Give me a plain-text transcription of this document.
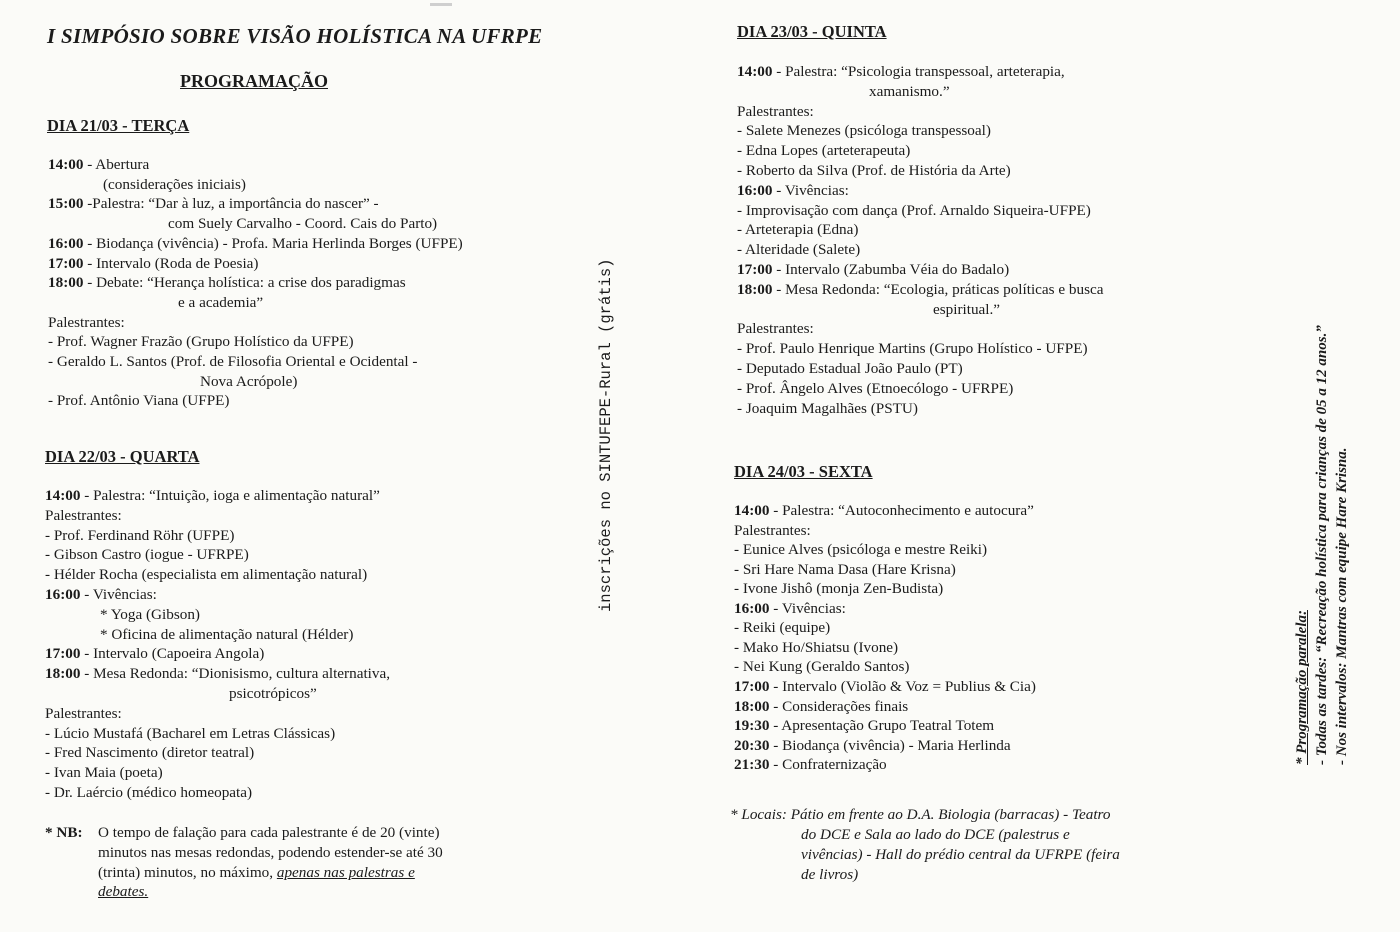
I SIMPÓSIO SOBRE VISÃO HOLÍSTICA NA UFRPE
PROGRAMAÇÃO
DIA 21/03 - TERÇA
14:00 - Abertura
(considerações iniciais)
15:00 -Palestra: “Dar à luz, a importância do nascer” -
com Suely Carvalho - Coord. Cais do Parto)
16:00 - Biodança (vivência) - Profa. Maria Herlinda Borges (UFPE)
17:00 - Intervalo (Roda de Poesia)
18:00 - Debate: “Herança holística: a crise dos paradigmas
e a academia”
Palestrantes:
- Prof. Wagner Frazão (Grupo Holístico da UFPE)
- Geraldo L. Santos (Prof. de Filosofia Oriental e Ocidental -
Nova Acrópole)
- Prof. Antônio Viana (UFPE)
DIA 22/03 - QUARTA
14:00 - Palestra: “Intuição, ioga e alimentação natural”
Palestrantes:
- Prof. Ferdinand Röhr (UFPE)
- Gibson Castro (iogue - UFRPE)
- Hélder Rocha (especialista em alimentação natural)
16:00 - Vivências:
* Yoga (Gibson)
* Oficina de alimentação natural (Hélder)
17:00 - Intervalo (Capoeira Angola)
18:00 - Mesa Redonda: “Dionisismo, cultura alternativa,
psicotrópicos”
Palestrantes:
- Lúcio Mustafá (Bacharel em Letras Clássicas)
- Fred Nascimento (diretor teatral)
- Ivan Maia (poeta)
- Dr. Laércio (médico homeopata)
* NB: O tempo de falação para cada palestrante é de 20 (vinte)
minutos nas mesas redondas, podendo estender-se até 30
(trinta) minutos, no máximo, apenas nas palestras e
debates.
inscrições no SINTUFEPE-Rural (grátis)
DIA 23/03 - QUINTA
14:00 - Palestra: “Psicologia transpessoal, arteterapia,
xamanismo.”
Palestrantes:
- Salete Menezes (psicóloga transpessoal)
- Edna Lopes (arteterapeuta)
- Roberto da Silva (Prof. de História da Arte)
16:00 - Vivências:
- Improvisação com dança (Prof. Arnaldo Siqueira-UFPE)
- Arteterapia (Edna)
- Alteridade (Salete)
17:00 - Intervalo (Zabumba Véia do Badalo)
18:00 - Mesa Redonda: “Ecologia, práticas políticas e busca
espiritual.”
Palestrantes:
- Prof. Paulo Henrique Martins (Grupo Holístico - UFPE)
- Deputado Estadual João Paulo (PT)
- Prof. Ângelo Alves (Etnoecólogo - UFRPE)
- Joaquim Magalhães (PSTU)
DIA 24/03 - SEXTA
14:00 - Palestra: “Autoconhecimento e autocura”
Palestrantes:
- Eunice Alves (psicóloga e mestre Reiki)
- Sri Hare Nama Dasa (Hare Krisna)
- Ivone Jishô (monja Zen-Budista)
16:00 - Vivências:
- Reiki (equipe)
- Mako Ho/Shiatsu (Ivone)
- Nei Kung (Geraldo Santos)
17:00 - Intervalo (Violão & Voz = Publius & Cia)
18:00 - Considerações finais
19:30 - Apresentação Grupo Teatral Totem
20:30 - Biodança (vivência) - Maria Herlinda
21:30 - Confraternização
* Locais: Pátio em frente ao D.A. Biologia (barracas) - Teatro
do DCE e Sala ao lado do DCE (palestrus e
vivências) - Hall do prédio central da UFRPE (feira
de livros)
* Programação paralela: - Todas as tardes: “Recreação holística para crianças de 05 a 12 anos.” - Nos intervalos: Mantras com equipe Hare Krisna.
